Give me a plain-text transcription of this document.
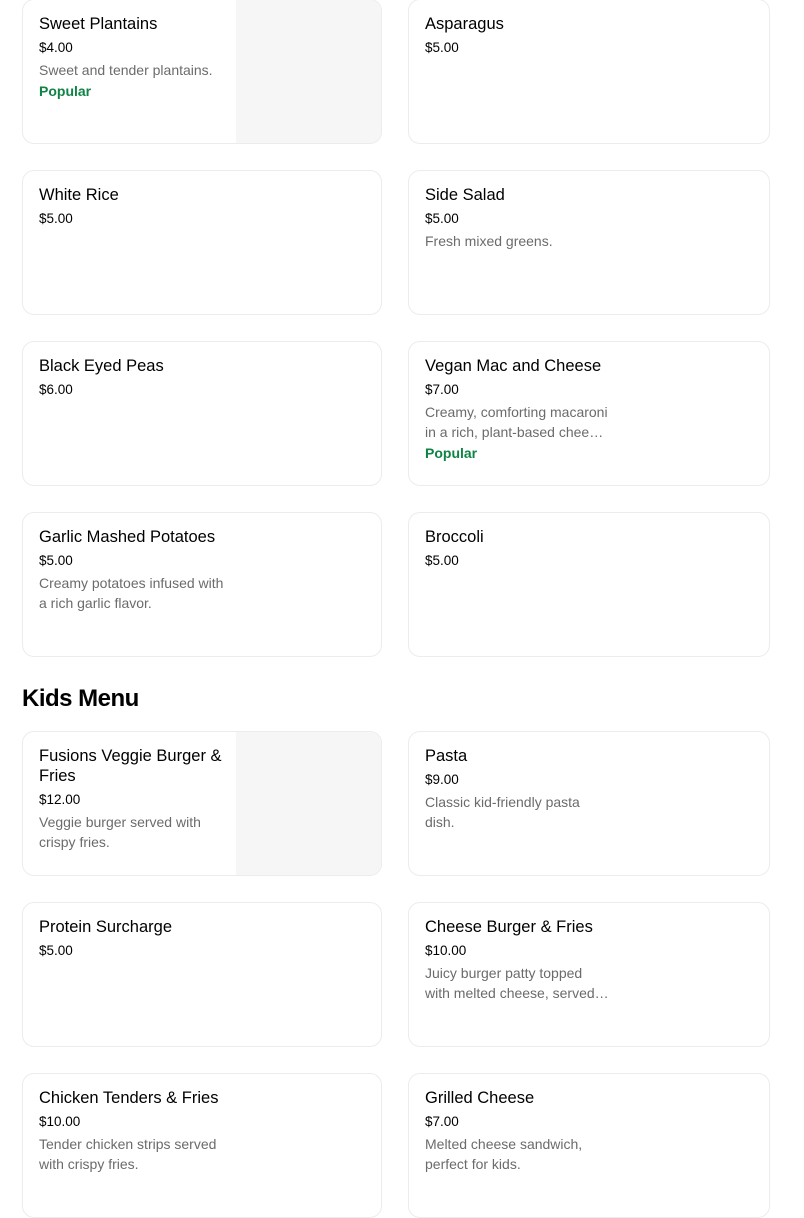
Sweet Plantains
$4.00
Sweet and tender plantains.
Popular
Asparagus
$5.00
White Rice
$5.00
Side Salad
$5.00
Fresh mixed greens.
Black Eyed Peas
$6.00
Vegan Mac and Cheese
$7.00
Creamy, comforting macaroni in a rich, plant-based cheese
Popular
Garlic Mashed Potatoes
$5.00
Creamy potatoes infused with a rich garlic flavor.
Broccoli
$5.00
Kids Menu
Fusions Veggie Burger & Fries
$12.00
Veggie burger served with crispy fries.
Pasta
$9.00
Classic kid-friendly pasta dish.
Protein Surcharge
$5.00
Cheese Burger & Fries
$10.00
Juicy burger patty topped with melted cheese, served
Chicken Tenders & Fries
$10.00
Tender chicken strips served with crispy fries.
Grilled Cheese
$7.00
Melted cheese sandwich, perfect for kids.
